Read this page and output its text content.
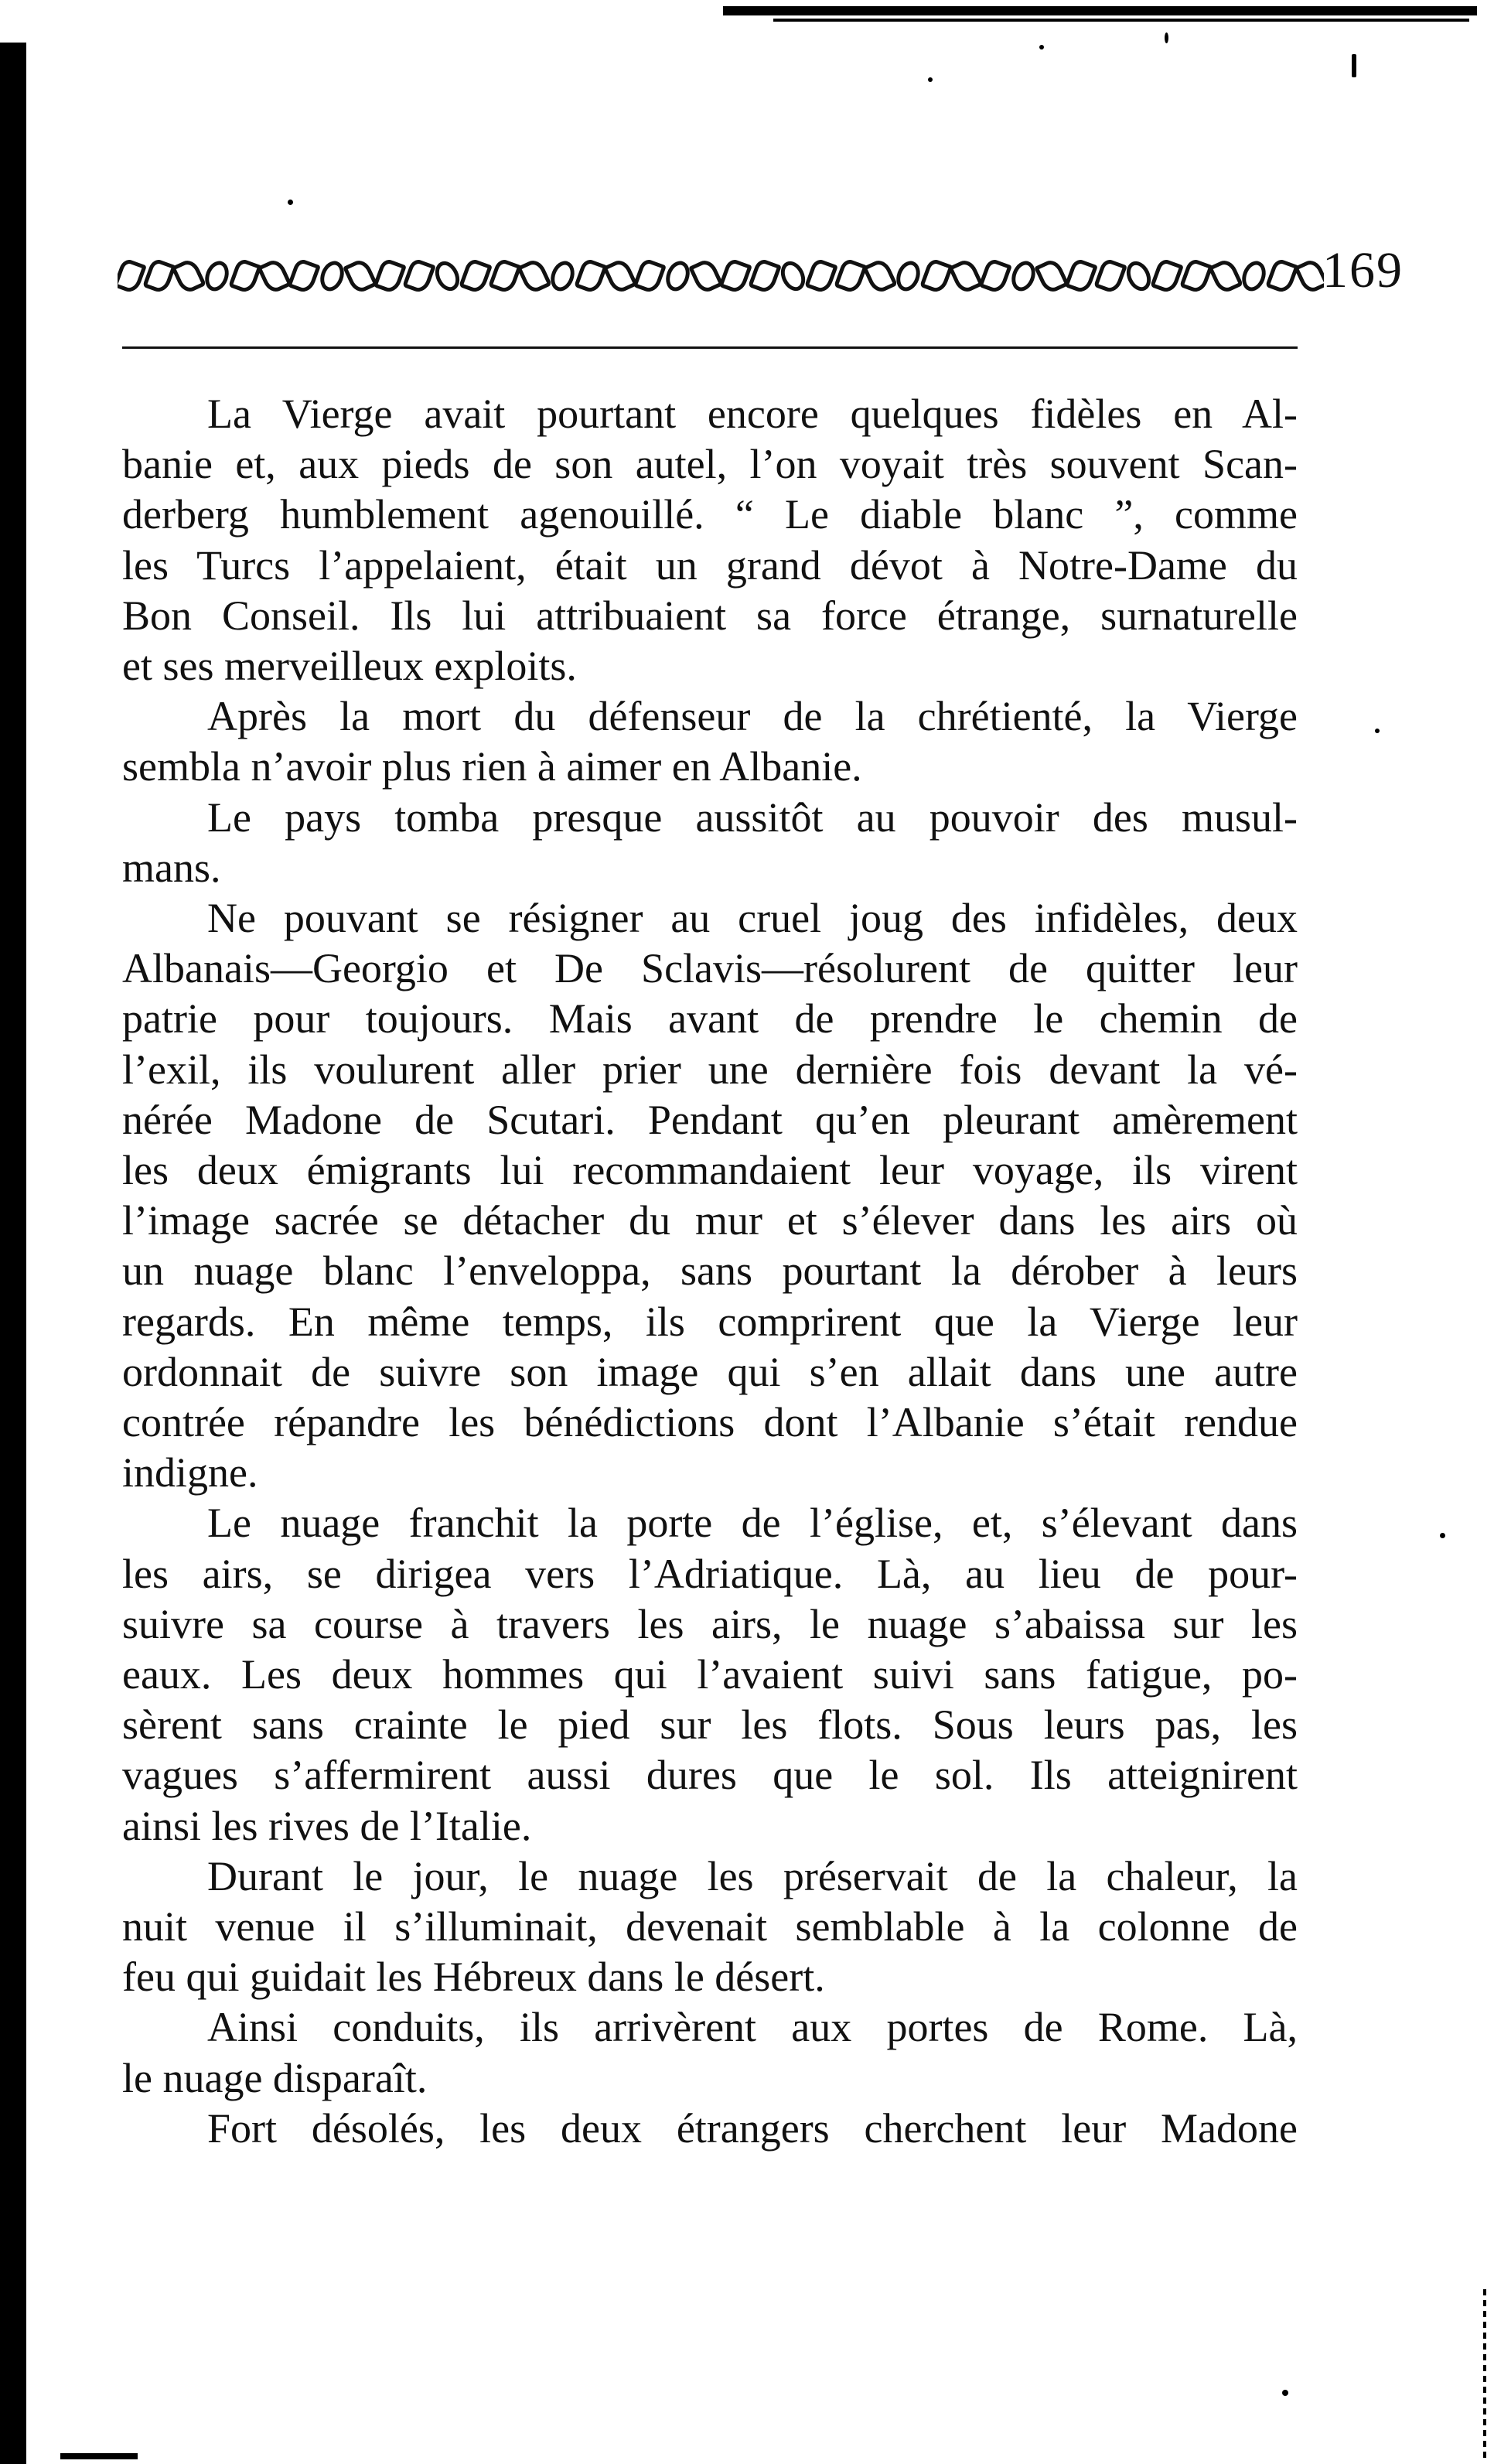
169
La Vierge avait pourtant encore quelques fidèles en Al-
banie et, aux pieds de son autel, l’on voyait très souvent Scan-
derberg humblement agenouillé. “ Le diable blanc ”, comme
les Turcs l’appelaient, était un grand dévot à Notre-Dame du
Bon Conseil. Ils lui attribuaient sa force étrange, surnaturelle
et ses merveilleux exploits.
Après la mort du défenseur de la chrétienté, la Vierge
sembla n’avoir plus rien à aimer en Albanie.
Le pays tomba presque aussitôt au pouvoir des musul-
mans.
Ne pouvant se résigner au cruel joug des infidèles, deux
Albanais—Georgio et De Sclavis—résolurent de quitter leur
patrie pour toujours. Mais avant de prendre le chemin de
l’exil, ils voulurent aller prier une dernière fois devant la vé-
nérée Madone de Scutari. Pendant qu’en pleurant amèrement
les deux émigrants lui recommandaient leur voyage, ils virent
l’image sacrée se détacher du mur et s’élever dans les airs où
un nuage blanc l’enveloppa, sans pourtant la dérober à leurs
regards. En même temps, ils comprirent que la Vierge leur
ordonnait de suivre son image qui s’en allait dans une autre
contrée répandre les bénédictions dont l’Albanie s’était rendue
indigne.
Le nuage franchit la porte de l’église, et, s’élevant dans
les airs, se dirigea vers l’Adriatique. Là, au lieu de pour-
suivre sa course à travers les airs, le nuage s’abaissa sur les
eaux. Les deux hommes qui l’avaient suivi sans fatigue, po-
sèrent sans crainte le pied sur les flots. Sous leurs pas, les
vagues s’affermirent aussi dures que le sol. Ils atteignirent
ainsi les rives de l’Italie.
Durant le jour, le nuage les préservait de la chaleur, la
nuit venue il s’illuminait, devenait semblable à la colonne de
feu qui guidait les Hébreux dans le désert.
Ainsi conduits, ils arrivèrent aux portes de Rome. Là,
le nuage disparaît.
Fort désolés, les deux étrangers cherchent leur Madone
